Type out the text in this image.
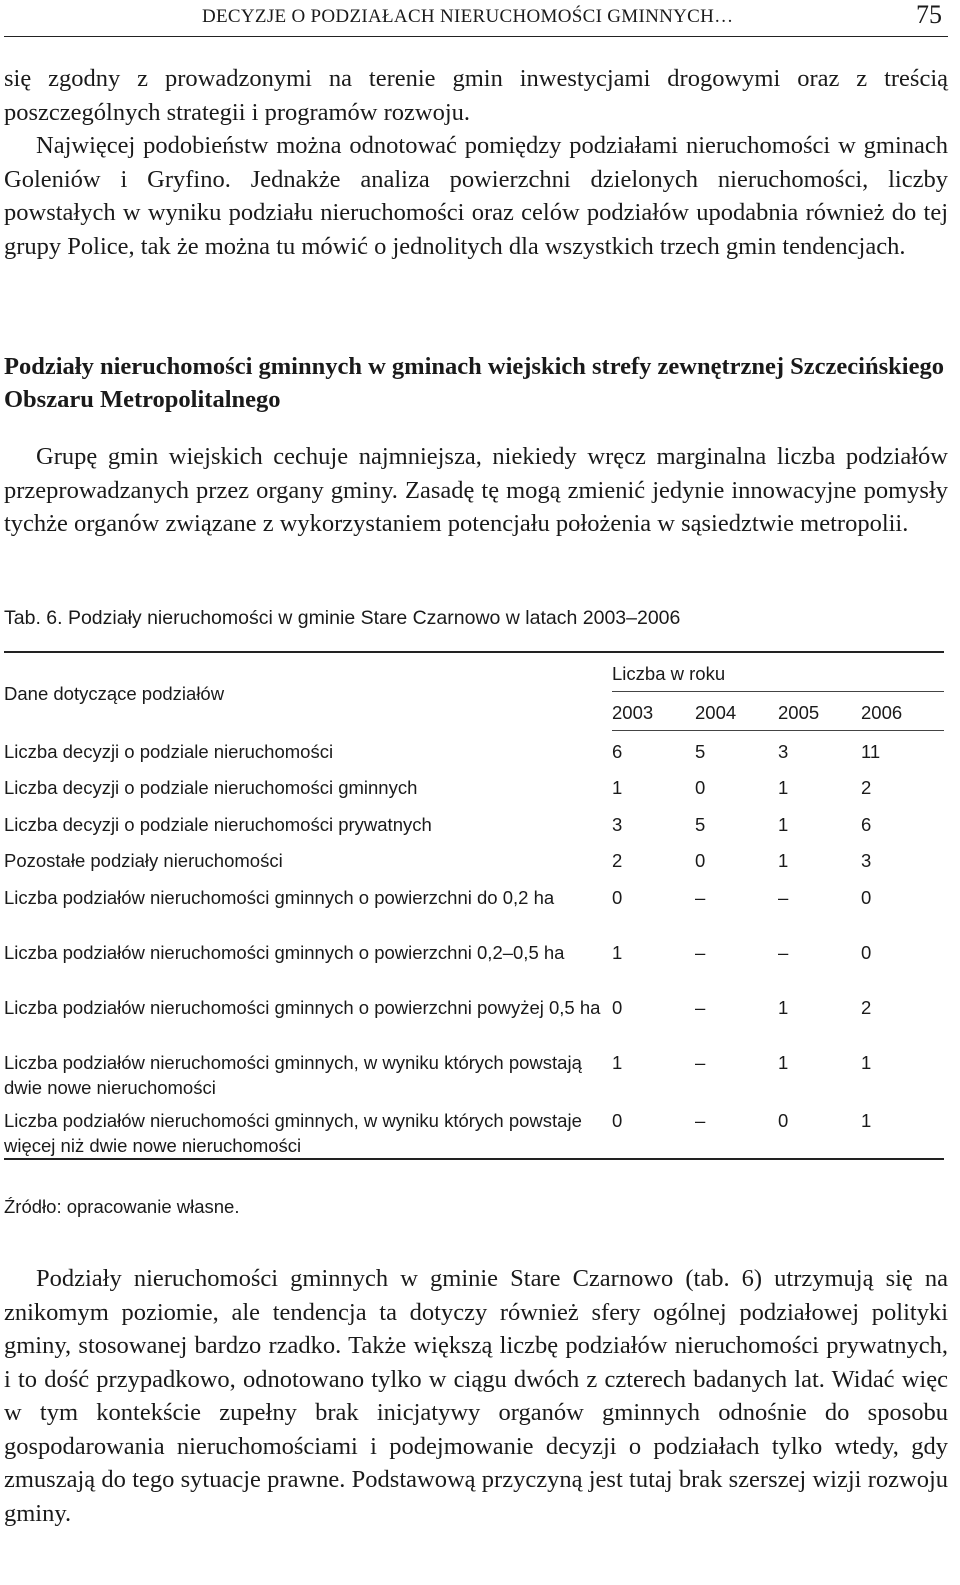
DECYZJE O PODZIAŁACH NIERUCHOMOŚCI GMINNYCH…	75

się zgodny z prowadzonymi na terenie gmin inwestycjami drogowymi oraz z treścią poszczególnych strategii i programów rozwoju.

Najwięcej podobieństw można odnotować pomiędzy podziałami nieruchomości w gminach Goleniów i Gryfino. Jednakże analiza powierzchni dzielonych nieruchomości, liczby powstałych w wyniku podziału nieruchomości oraz celów podziałów upodabnia również do tej grupy Police, tak że można tu mówić o jednolitych dla wszystkich trzech gmin tendencjach.

Podziały nieruchomości gminnych w gminach wiejskich strefy zewnętrznej Szczecińskiego Obszaru Metropolitalnego

Grupę gmin wiejskich cechuje najmniejsza, niekiedy wręcz marginalna liczba podziałów przeprowadzanych przez organy gminy. Zasadę tę mogą zmienić jedynie innowacyjne pomysły tychże organów związane z wykorzystaniem potencjału położenia w sąsiedztwie metropolii.

Tab. 6. Podziały nieruchomości w gminie Stare Czarnowo w latach 2003–2006
Dane dotyczące podziałów	Liczba w roku			
	2003	2004	2005	2006
Liczba decyzji o podziale nieruchomości	6	5	3	11
Liczba decyzji o podziale nieruchomości gminnych	1	0	1	2
Liczba decyzji o podziale nieruchomości prywatnych	3	5	1	6
Pozostałe podziały nieruchomości	2	0	1	3
Liczba podziałów nieruchomości gminnych o powierzchni do 0,2 ha	0	–	–	0
Liczba podziałów nieruchomości gminnych o powierzchni 0,2–0,5 ha	1	–	–	0
Liczba podziałów nieruchomości gminnych o powierzchni powyżej 0,5 ha	0	–	1	2
Liczba podziałów nieruchomości gminnych, w wyniku których powstają dwie nowe nieruchomości	1	–	1	1
Liczba podziałów nieruchomości gminnych, w wyniku których powstaje więcej niż dwie nowe nieruchomości	0	–	0	1
Źródło: opracowanie własne.

Podziały nieruchomości gminnych w gminie Stare Czarnowo (tab. 6) utrzymują się na znikomym poziomie, ale tendencja ta dotyczy również sfery ogólnej podziałowej polityki gminy, stosowanej bardzo rzadko. Także większą liczbę podziałów nieruchomości prywatnych, i to dość przypadkowo, odnotowano tylko w ciągu dwóch z czterech badanych lat. Widać więc w tym kontekście zupełny brak inicjatywy organów gminnych odnośnie do sposobu gospodarowania nieruchomościami i podejmowanie decyzji o podziałach tylko wtedy, gdy zmuszają do tego sytuacje prawne. Podstawową przyczyną jest tutaj brak szerszej wizji rozwoju gminy.
